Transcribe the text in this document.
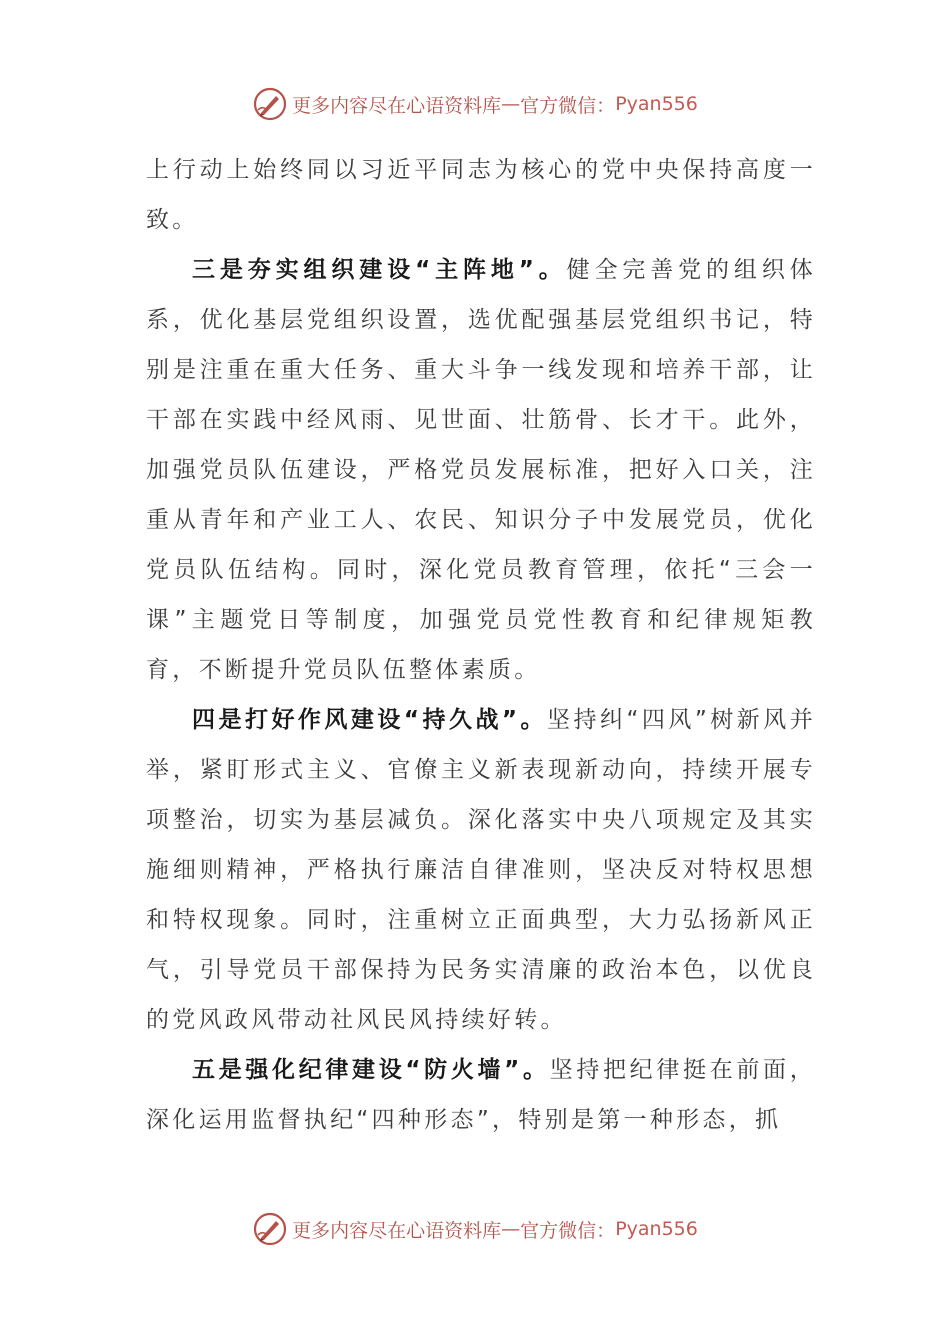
更多内容尽在心语资料库 — 官方微信： Pyan556

上行动上始终同以习近平同志为核心的党中央保持高度一致。

三是夯实组织建设“主阵地”。健全完善党的组织体系，优化基层党组织设置，选优配强基层党组织书记，特别是注重在重大任务、重大斗争一线发现和培养干部，让干部在实践中经风雨、见世面、壮筋骨、长才干。此外，加强党员队伍建设，严格党员发展标准，把好入口关，注重从青年和产业工人、农民、知识分子中发展党员，优化党员队伍结构。同时，深化党员教育管理，依托“三会一课”主题党日等制度，加强党员党性教育和纪律规矩教育，不断提升党员队伍整体素质。

四是打好作风建设“持久战”。坚持纠“四风”树新风并举，紧盯形式主义、官僚主义新表现新动向，持续开展专项整治，切实为基层减负。深化落实中央八项规定及其实施细则精神，严格执行廉洁自律准则，坚决反对特权思想和特权现象。同时，注重树立正面典型，大力弘扬新风正气，引导党员干部保持为民务实清廉的政治本色，以优良的党风政风带动社风民风持续好转。

五是强化纪律建设“防火墙”。坚持把纪律挺在前面，深化运用监督执纪“四种形态”，特别是第一种形态，抓

更多内容尽在心语资料库 — 官方微信： Pyan556
